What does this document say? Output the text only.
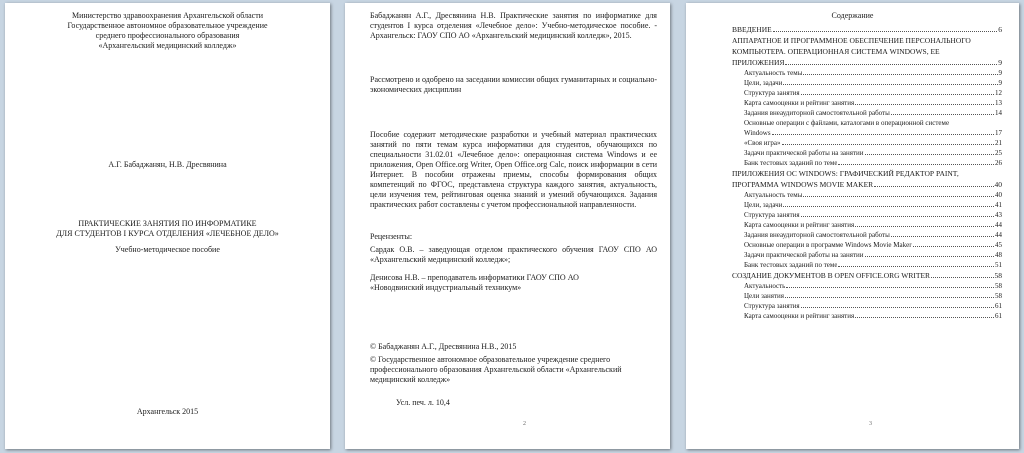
Министерство здравоохранения Архангельской области
Государственное автономное образовательное учреждение
среднего профессионального образования
«Архангельский медицинский колледж»
А.Г. Бабаджанян, Н.В. Дресвянина
ПРАКТИЧЕСКИЕ ЗАНЯТИЯ ПО ИНФОРМАТИКЕ
ДЛЯ СТУДЕНТОВ I КУРСА ОТДЕЛЕНИЯ «ЛЕЧЕБНОЕ ДЕЛО»
Учебно-методическое пособие
Архангельск 2015
Бабаджанян А.Г., Дресвянина Н.В. Практические занятия по информатике для студентов I курса отделения «Лечебное дело»: Учебно-методическое пособие. - Архангельск: ГАОУ СПО АО «Архангельский медицинский колледж», 2015.
Рассмотрено и одобрено на заседании комиссии общих гуманитарных и социально-экономических дисциплин
Пособие содержит методические разработки и учебный материал практических занятий по пяти темам курса информатики для студентов, обучающихся по специальности 31.02.01 «Лечебное дело»: операционная система Windows и ее приложения, Open Office.org Writer, Open Office.org Calc, поиск информации в сети Интернет. В пособии отражены приемы, способы формирования общих компетенций по ФГОС, представлена структура каждого занятия, актуальность, цели изучения тем, рейтинговая оценка знаний и умений обучающихся. Задания практических работ составлены с учетом профессиональной направленности.
Рецензенты:
Сардак О.В. – заведующая отделом практического обучения ГАОУ СПО АО «Архангельский медицинский колледж»;
Денисова Н.В. – преподаватель информатики ГАОУ СПО АО
«Новодвинский индустриальный техникум»
© Бабаджанян А.Г., Дресвянина Н.В., 2015
© Государственное автономное образовательное учреждение среднего профессионального образования Архангельской области «Архангельский медицинский колледж»
Усл. печ. л. 10,4
2
Содержание
ВВЕДЕНИЕ	6
АППАРАТНОЕ И ПРОГРАММНОЕ ОБЕСПЕЧЕНИЕ ПЕРСОНАЛЬНОГО
КОМПЬЮТЕРА. ОПЕРАЦИОННАЯ СИСТЕМА WINDOWS, ЕЕ
ПРИЛОЖЕНИЯ	9
Актуальность темы	9
Цели, задачи	9
Структура занятия	12
Карта самооценки и рейтинг занятия	13
Задания внеаудиторной самостоятельной работы	14
Основные операции с файлами, каталогами в операционной системе
Windows	17
«Своя игра»	21
Задачи практической работы на занятии	25
Банк тестовых заданий по теме	26
ПРИЛОЖЕНИЯ ОС WINDOWS: ГРАФИЧЕСКИЙ РЕДАКТОР PAINT,
ПРОГРАММА WINDOWS MOVIE MAKER	40
Актуальность темы	40
Цели, задачи	41
Структура занятия	43
Карта самооценки и рейтинг занятия	44
Задания внеаудиторной самостоятельной работы	44
Основные операции в программе Windows Movie Maker	45
Задачи практической работы на занятии	48
Банк тестовых заданий по теме	51
СОЗДАНИЕ ДОКУМЕНТОВ В OPEN OFFICE.ORG WRITER	58
Актуальность	58
Цели занятия	58
Структура занятия	61
Карта самооценки и рейтинг занятия	61
3
